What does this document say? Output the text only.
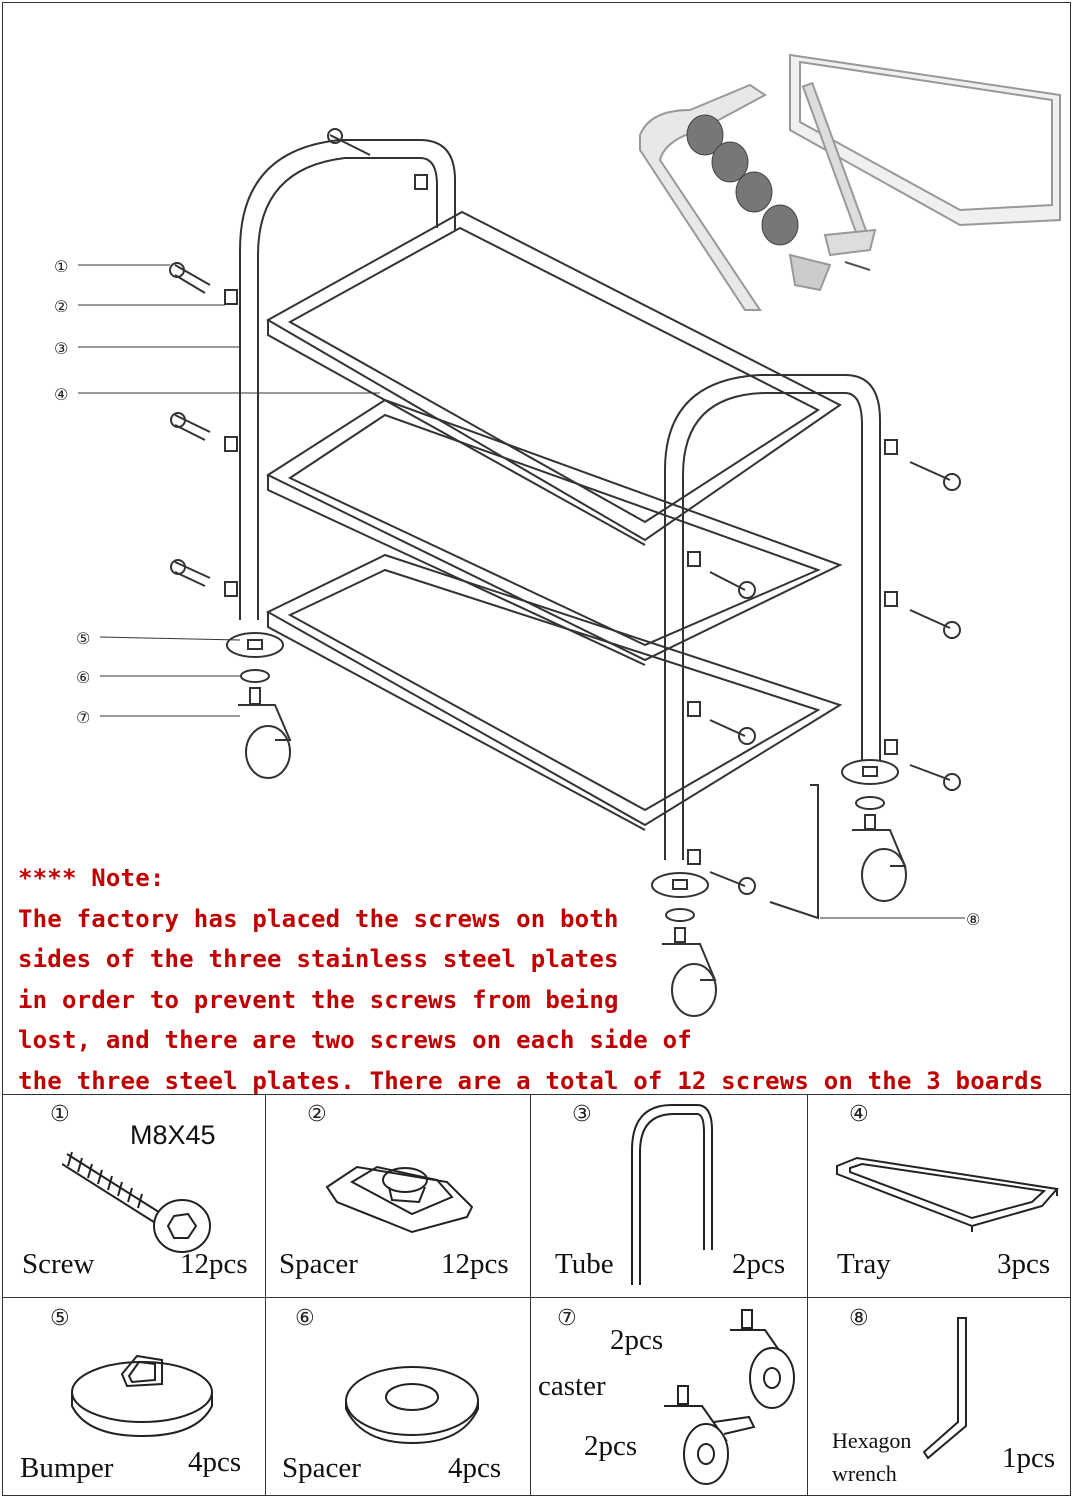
①
②
③
④
⑤
⑥
⑦
⑧
**** Note:
The factory has placed the screws on both
sides of the three stainless steel plates
in order to prevent the screws from being
lost, and there are two screws on each side of
the three steel plates. There are a total of 12 screws on the 3 boards
①
M8X45
Screw	12pcs
②
Spacer	12pcs
③
Tube	2pcs
④
Tray	3pcs
⑤
Bumper	4pcs
⑥
Spacer	4pcs
⑦
2pcs
caster
2pcs
⑧
Hexagon
wrench	1pcs
